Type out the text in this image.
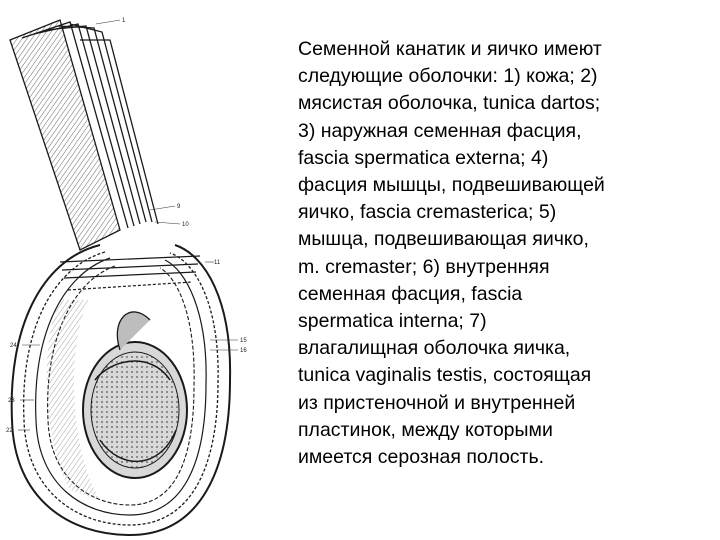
1
9
10
11
15
16
24
23
22

Семенной канатик и яичко имеют
следующие оболочки: 1) кожа; 2)
мясистая оболочка, tunica dartos;
3) наружная семенная фасция,
fascia spermatica externa; 4)
фасция мышцы, подвешивающей
яичко, fascia cremasterica; 5)
мышца, подвешивающая яичко,
m. cremaster; 6) внутренняя
семенная фасция, fascia
spermatica interna; 7)
влагалищная оболочка яичка,
tunica vaginalis testis, состоящая
из пристеночной и внутренней
пластинок, между которыми
имеется серозная полость.
